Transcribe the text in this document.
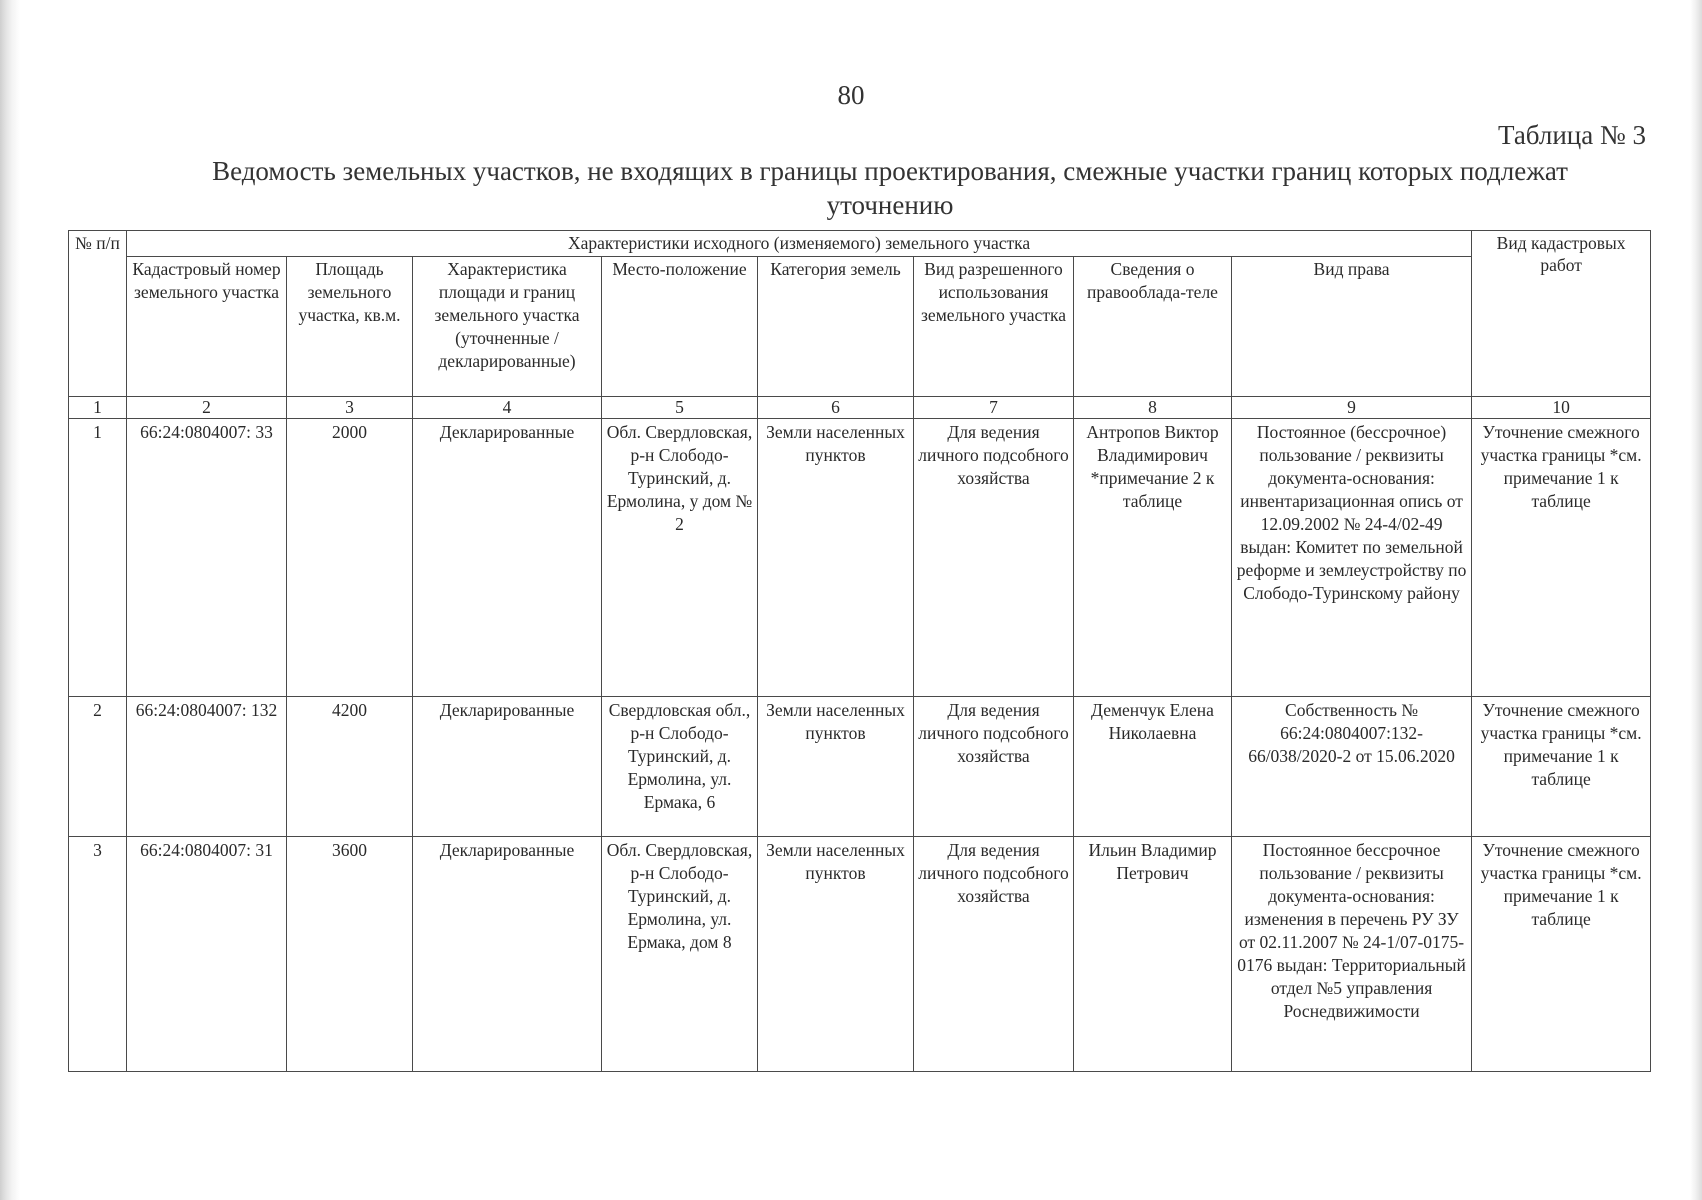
80
Таблица № 3
Ведомость земельных участков, не входящих в границы проектирования, смежные участки границ которых подлежат уточнению
№ п/п	Характеристики исходного (изменяемого) земельного участка								Вид кадастровых работ
	Кадастровый номер земельного участка	Площадь земельного участка, кв.м.	Характеристика площади и границ земельного участка (уточненные / декларированные)	Место-положение	Категория земель	Вид разрешенного использования земельного участка	Сведения о правооблада-теле	Вид права	
1	2	3	4	5	6	7	8	9	10
1	66:24:0804007: 33	2000	Декларированные	Обл. Свердловская, р-н Слободо-Туринский, д. Ермолина, у дом № 2	Земли населенных пунктов	Для ведения личного подсобного хозяйства	Антропов Виктор Владимирович *примечание 2 к таблице	Постоянное (бессрочное) пользование / реквизиты документа-основания: инвентаризационная опись от 12.09.2002 № 24-4/02-49 выдан: Комитет по земельной реформе и землеустройству по Слободо-Туринскому району	Уточнение смежного участка границы *см. примечание 1 к таблице
2	66:24:0804007: 132	4200	Декларированные	Свердловская обл., р-н Слободо-Туринский, д. Ермолина, ул. Ермака, 6	Земли населенных пунктов	Для ведения личного подсобного хозяйства	Деменчук Елена Николаевна	Собственность № 66:24:0804007:132-66/038/2020-2 от 15.06.2020	Уточнение смежного участка границы *см. примечание 1 к таблице
3	66:24:0804007: 31	3600	Декларированные	Обл. Свердловская, р-н Слободо-Туринский, д. Ермолина, ул. Ермака, дом 8	Земли населенных пунктов	Для ведения личного подсобного хозяйства	Ильин Владимир Петрович	Постоянное бессрочное пользование / реквизиты документа-основания: изменения в перечень РУ ЗУ от 02.11.2007 № 24-1/07-0175-0176 выдан: Территориальный отдел №5 управления Роснедвижимости	Уточнение смежного участка границы *см. примечание 1 к таблице
